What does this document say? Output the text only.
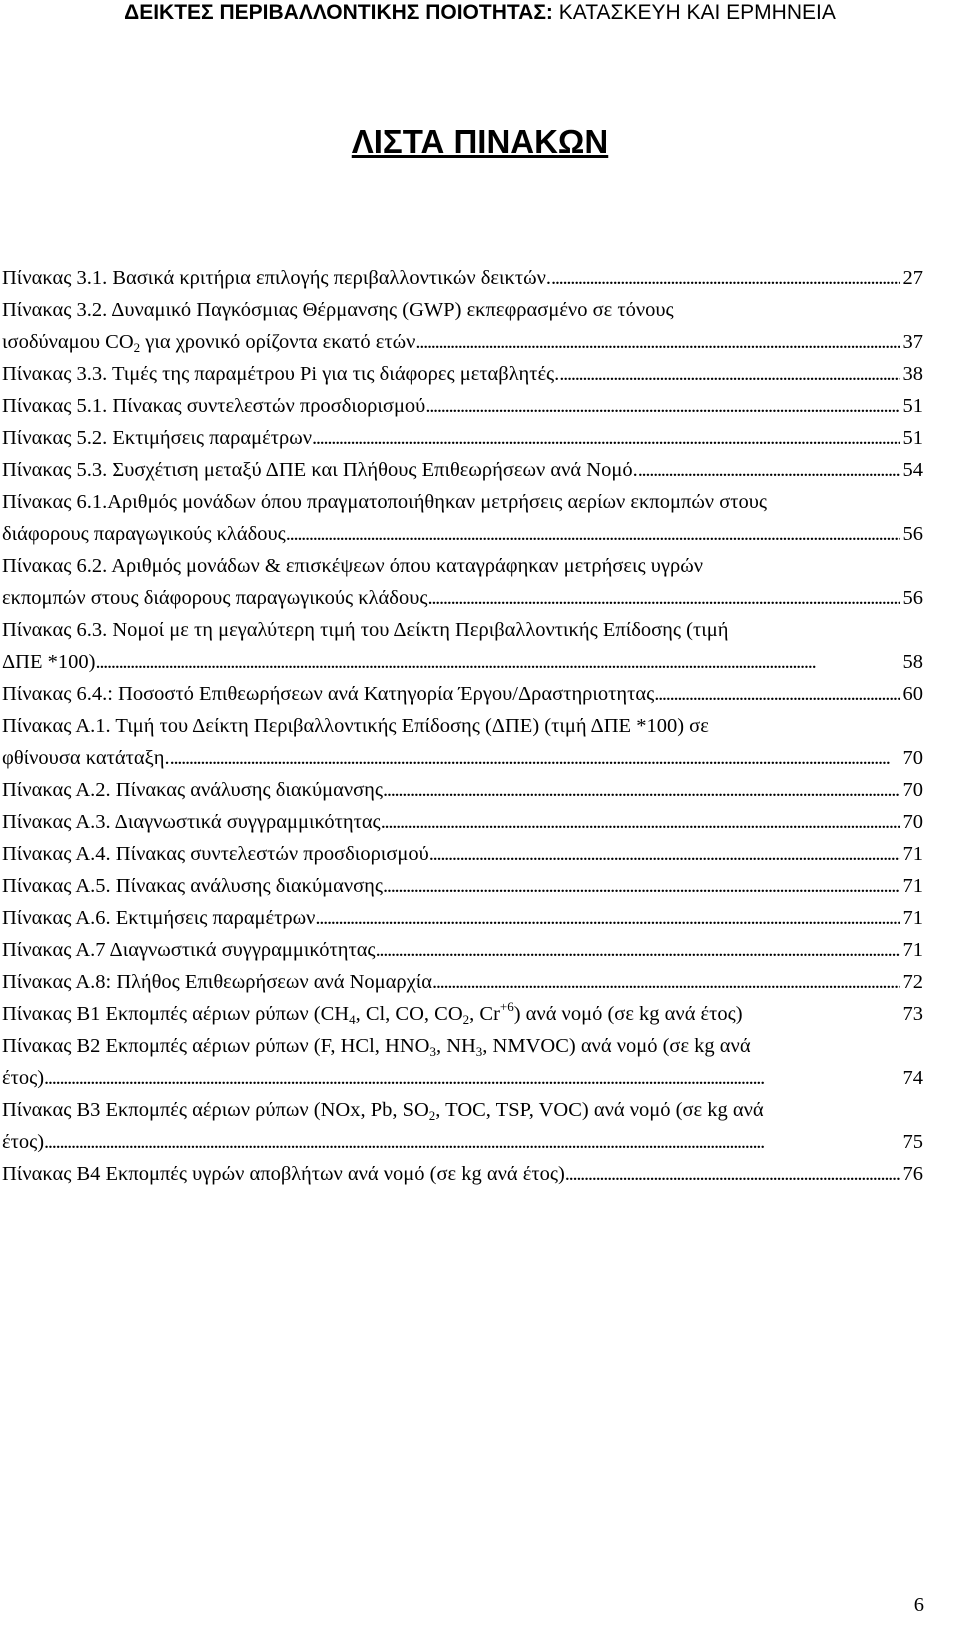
ΔΕΙΚΤΕΣ ΠΕΡΙΒΑΛΛΟΝΤΙΚΗΣ ΠΟΙΟΤΗΤΑΣ: ΚΑΤΑΣΚΕΥΗ ΚΑΙ ΕΡΜΗΝΕΙΑ
ΛΙΣΤΑ ΠΙΝΑΚΩΝ
Πίνακας 3.1. Βασικά κριτήρια επιλογής περιβαλλοντικών δεικτών. . . .	27
Πίνακας 3.2. Δυναμικό Παγκόσμιας Θέρμανσης (GWP) εκπεφρασμένο σε τόνους
ισοδύναμου $CO_2$ για χρονικό ορίζοντα εκατό ετών . . .	37
Πίνακας 3.3. Τιμές της παραμέτρου Pi για τις διάφορες μεταβλητές. . . .	38
Πίνακας 5.1. Πίνακας συντελεστών προσδιορισμού . . .	51
Πίνακας 5.2. Εκτιμήσεις παραμέτρων . . .	51
Πίνακας 5.3. Συσχέτιση μεταξύ ΔΠΕ και Πλήθους Επιθεωρήσεων ανά Νομό. . . .	54
Πίνακας 6.1.Αριθμός μονάδων όπου πραγματοποιήθηκαν μετρήσεις αερίων εκπομπών στους
διάφορους παραγωγικούς κλάδους . . .	56
Πίνακας 6.2. Αριθμός μονάδων & επισκέψεων όπου καταγράφηκαν μετρήσεις υγρών
εκπομπών στους διάφορους παραγωγικούς κλάδους . . .	56
Πίνακας 6.3. Νομοί με τη μεγαλύτερη τιμή του Δείκτη Περιβαλλοντικής Επίδοσης (τιμή
ΔΠΕ *100) . . .	58
Πίνακας 6.4.: Ποσοστό Επιθεωρήσεων ανά Κατηγορία Έργου/Δραστηριοτητας . . .	60
Πίνακας Α.1. Τιμή του Δείκτη Περιβαλλοντικής Επίδοσης (ΔΠΕ) (τιμή ΔΠΕ *100) σε
φθίνουσα κατάταξη. . . .	70
Πίνακας Α.2. Πίνακας ανάλυσης διακύμανσης . . .	70
Πίνακας Α.3. Διαγνωστικά συγγραμμικότητας . . .	70
Πίνακας Α.4. Πίνακας συντελεστών προσδιορισμού . . .	71
Πίνακας Α.5. Πίνακας ανάλυσης διακύμανσης . . .	71
Πίνακας Α.6. Εκτιμήσεις παραμέτρων . . .	71
Πίνακας Α.7 Διαγνωστικά συγγραμμικότητας . . .	71
Πίνακας Α.8: Πλήθος Επιθεωρήσεων ανά Νομαρχία . . .	72
Πίνακας Β1 Εκπομπές αέριων ρύπων ($CH_4$, Cl, CO, $CO_2$, $Cr^{+6}$) ανά νομό (σε kg ανά έτος)	73
Πίνακας Β2 Εκπομπές αέριων ρύπων (F, HCl, $HNO_3$, $NH_3$, NMVOC) ανά νομό (σε kg ανά
έτος) . . .	74
Πίνακας Β3 Εκπομπές αέριων ρύπων (NOx, Pb, $SO_2$, TOC, TSP, VOC) ανά νομό (σε kg ανά
έτος) . . .	75
Πίνακας Β4 Εκπομπές υγρών αποβλήτων ανά νομό (σε kg ανά έτος) . . .	76
6
